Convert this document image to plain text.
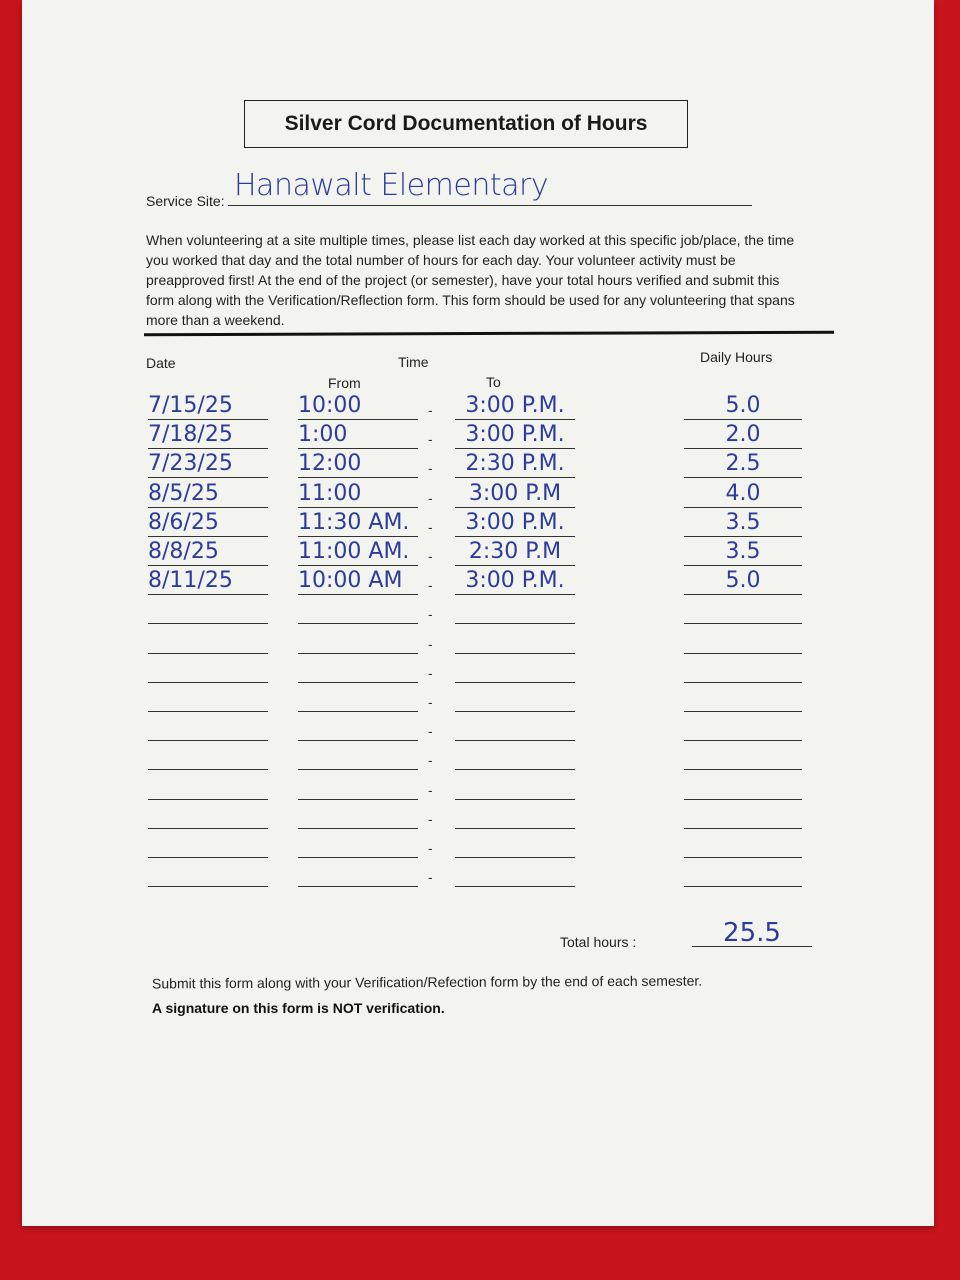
Silver Cord Documentation of Hours
Service Site: Hanawalt Elementary
When volunteering at a site multiple times, please list each day worked at this specific job/place, the time you worked that day and the total number of hours for each day. Your volunteer activity must be preapproved first! At the end of the project (or semester), have your total hours verified and submit this form along with the Verification/Reflection form. This form should be used for any volunteering that spans more than a weekend.
Date	Time
From	To
Daily Hours
7/15/25	10:00	3:00 P.M.	5.0
-
7/18/25	1:00	3:00 P.M.	2.0
-
7/23/25	12:00	2:30 P.M.	2.5
-
8/5/25	11:00	3:00 P.M	4.0
-
8/6/25	11:30 AM.	3:00 P.M.	3.5
-
8/8/25	11:00 AM.	2:30 P.M	3.5
-
8/11/25	10:00 AM	3:00 P.M.	5.0
-
-
-
-
-
-
-
-
-
-
-
Total hours :	25.5
Submit this form along with your Verification/Refection form by the end of each semester.
A signature on this form is NOT verification.
